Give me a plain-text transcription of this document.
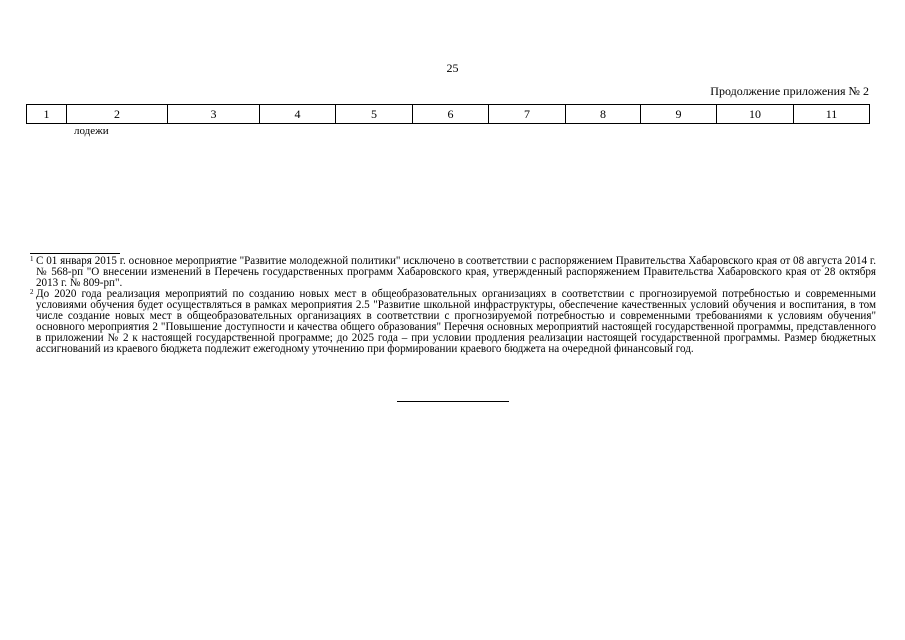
25
Продолжение приложения № 2
1	2	3	4	5	6	7	8	9	10	11
лодежи

1 С 01 января 2015 г. основное мероприятие "Развитие молодежной политики" исключено в соответствии с распоряжением Правительства Хабаровского края от 08 августа 2014 г. № 568-рп "О внесении изменений в Перечень государственных программ Хабаровского края, утвержденный распоряжением Правительства Хабаровского края от 28 октября 2013 г. № 809-рп".

2 До 2020 года реализация мероприятий по созданию новых мест в общеобразовательных организациях в соответствии с прогнозируемой потребностью и современными условиями обучения будет осуществляться в рамках мероприятия 2.5 "Развитие школьной инфраструктуры, обеспечение качественных условий обучения и воспитания, в том числе создание новых мест в общеобразовательных организациях в соответствии с прогнозируемой потребностью и современными требованиями к условиям обучения" основного мероприятия 2 "Повышение доступности и качества общего образования" Перечня основных мероприятий настоящей государственной программы, представленного в приложении № 2 к настоящей государственной программе; до 2025 года – при условии продления реализации настоящей государственной программы. Размер бюджетных ассигнований из краевого бюджета подлежит ежегодному уточнению при формировании краевого бюджета на очередной финансовый год.
